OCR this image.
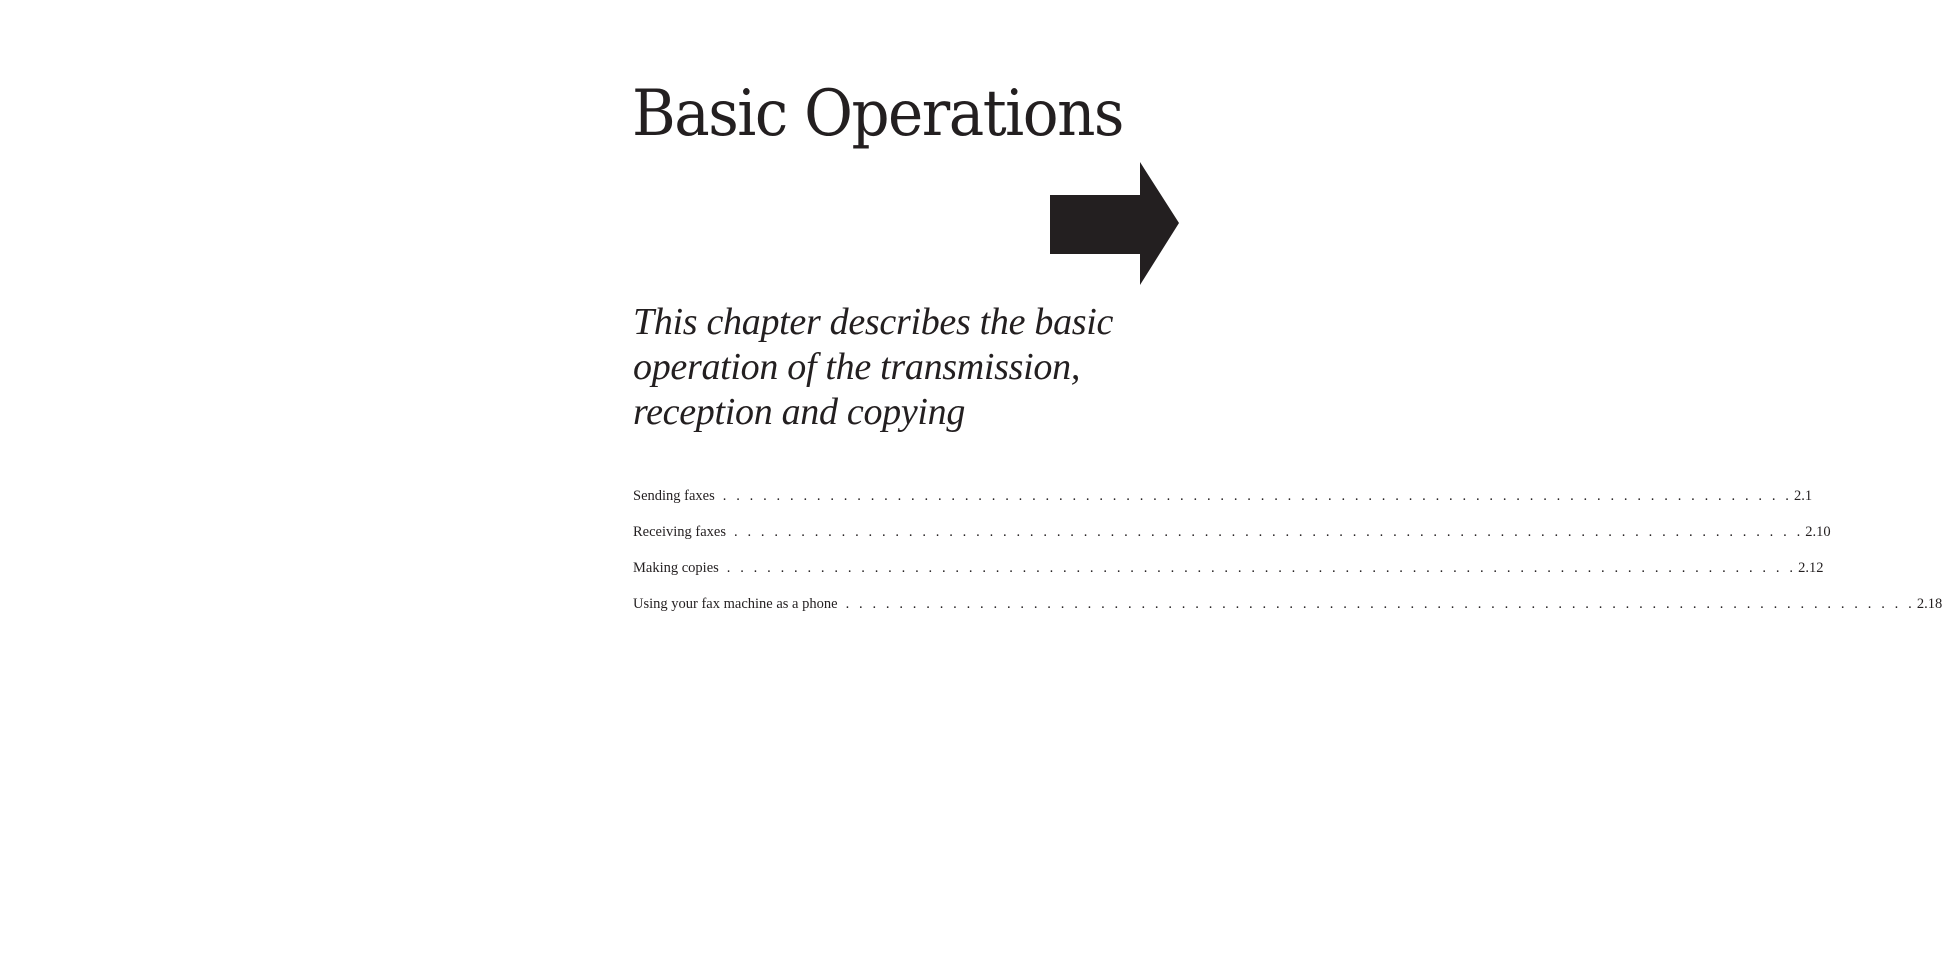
Basic Operations

This chapter describes the basic operation of the transmission, reception and copying

Sending faxes . . . . . . . . . . . . . . . . . . . . . . . . . . . . . . . . . . . . . . . . . . . . . . . . . . . . . . . . . . . . . . . . . . . . . . . . . . . . . . . . 2.1
Receiving faxes . . . . . . . . . . . . . . . . . . . . . . . . . . . . . . . . . . . . . . . . . . . . . . . . . . . . . . . . . . . . . . . . . . . . . . . . . . . . . . . . 2.10
Making copies . . . . . . . . . . . . . . . . . . . . . . . . . . . . . . . . . . . . . . . . . . . . . . . . . . . . . . . . . . . . . . . . . . . . . . . . . . . . . . . . 2.12
Using your fax machine as a phone . . . . . . . . . . . . . . . . . . . . . . . . . . . . . . . . . . . . . . . . . . . . . . . . . . . . . . . . . . . . . . . . . . . . . . . . . . . . . . . . 2.18
